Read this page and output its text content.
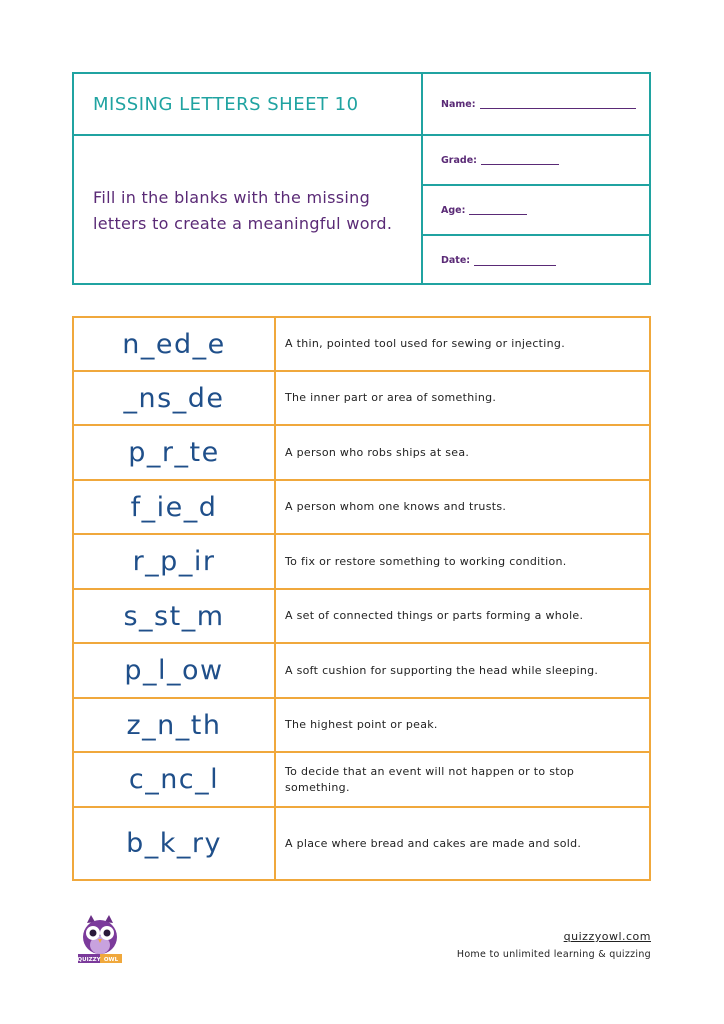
MISSING LETTERS SHEET 10
Fill in the blanks with the missing letters to create a meaningful word.
Name:
Grade:
Age:
Date:
n_ed_e	A thin, pointed tool used for sewing or injecting.
_ns_de	The inner part or area of something.
p_r_te	A person who robs ships at sea.
f_ie_d	A person whom one knows and trusts.
r_p_ir	To fix or restore something to working condition.
s_st_m	A set of connected things or parts forming a whole.
p_l_ow	A soft cushion for supporting the head while sleeping.
z_n_th	The highest point or peak.
c_nc_l	To decide that an event will not happen or to stop something.
b_k_ry	A place where bread and cakes are made and sold.
QUIZZY OWL
quizzyowl.com
Home to unlimited learning & quizzing
